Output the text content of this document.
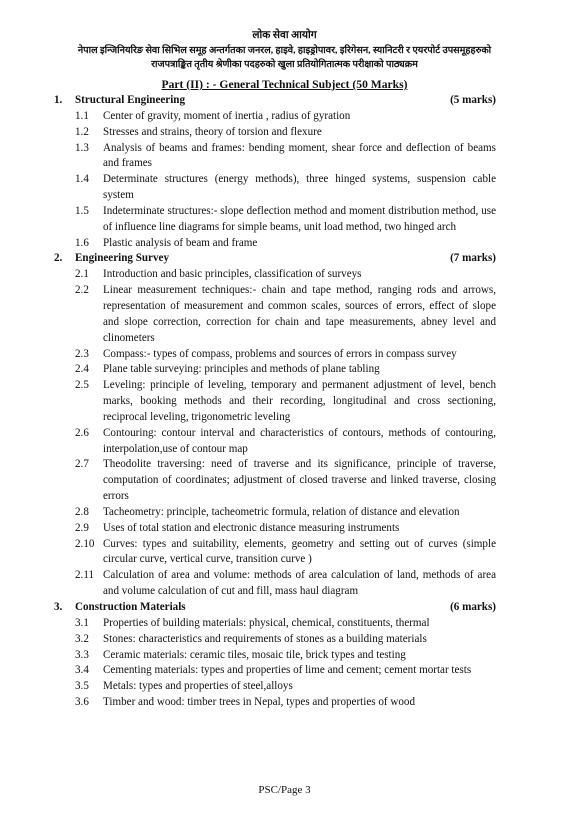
लोक सेवा आयोग
नेपाल इन्जिनियरिङ सेवा सिभिल समूह अन्तर्गतका जनरल, हाइवे, हाइड्रोपावर, इरिगेसन, स्यानिटरी र एयरपोर्ट उपसमूहहरुको
राजपत्राङ्कित तृतीय श्रेणीका पदहरुको खुला प्रतियोगितात्मक परीक्षाको पाठ्यक्रम
Part (II) : - General Technical Subject (50 Marks)
1.	Structural Engineering	(5 marks)
1.1	Center of gravity, moment of inertia , radius of gyration
1.2	Stresses and strains, theory of torsion and flexure
1.3	Analysis of beams and frames: bending moment, shear force and deflection of beams and frames
1.4	Determinate structures (energy methods), three hinged systems, suspension cable system
1.5	Indeterminate structures:- slope deflection method and moment distribution method, use of influence line diagrams for simple beams, unit load method, two hinged arch
1.6	Plastic analysis of beam and frame
2.	Engineering Survey	(7 marks)
2.1	Introduction and basic principles, classification of surveys
2.2	Linear measurement techniques:- chain and tape method, ranging rods and arrows, representation of measurement and common scales, sources of errors, effect of slope and slope correction, correction for chain and tape measurements, abney level and clinometers
2.3	Compass:- types of compass, problems and sources of errors in compass survey
2.4	Plane table surveying: principles and methods of plane tabling
2.5	Leveling: principle of leveling, temporary and permanent adjustment of level, bench marks, booking methods and their recording, longitudinal and cross sectioning, reciprocal leveling, trigonometric leveling
2.6	Contouring: contour interval and characteristics of contours, methods of contouring, interpolation,use of contour map
2.7	Theodolite traversing: need of traverse and its significance, principle of traverse, computation of coordinates; adjustment of closed traverse and linked traverse, closing errors
2.8	Tacheometry: principle, tacheometric formula, relation of distance and elevation
2.9	Uses of total station and electronic distance measuring instruments
2.10 Curves: types and suitability, elements, geometry and setting out of curves (simple circular curve, vertical curve, transition curve )
2.11 Calculation of area and volume: methods of area calculation of land, methods of area and volume calculation of cut and fill, mass haul diagram
3.	Construction Materials	(6 marks)
3.1	Properties of building materials: physical, chemical, constituents, thermal
3.2	Stones: characteristics and requirements of stones as a building materials
3.3	Ceramic materials: ceramic tiles, mosaic tile, brick types and testing
3.4	Cementing materials: types and properties of lime and cement; cement mortar tests
3.5	Metals: types and properties of steel,alloys
3.6	Timber and wood: timber trees in Nepal, types and properties of wood
PSC/Page 3
